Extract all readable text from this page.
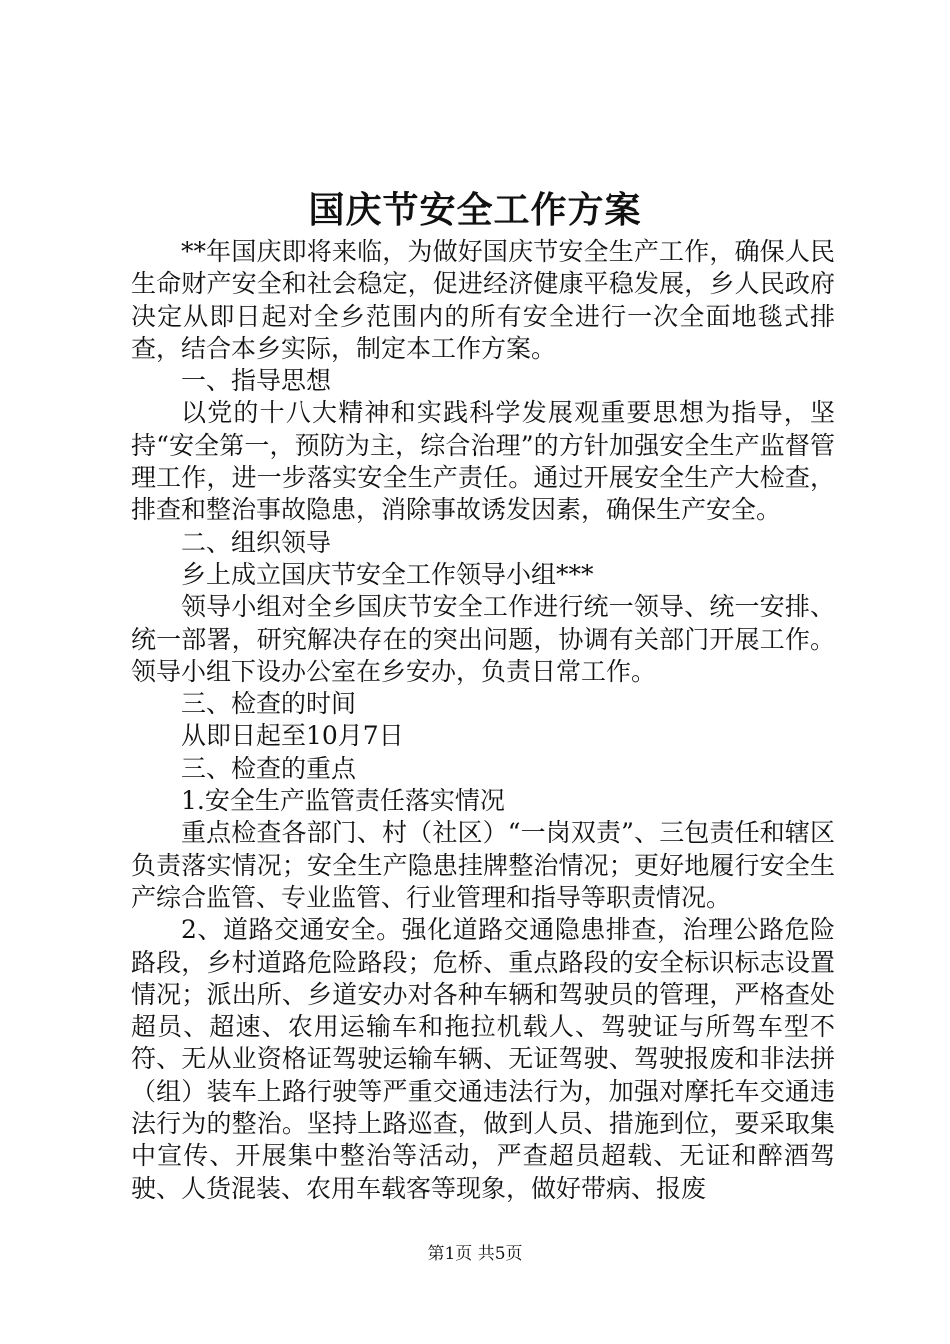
国庆节安全工作方案

**年国庆即将来临，为做好国庆节安全生产工作，确保人民生命财产安全和社会稳定，促进经济健康平稳发展，乡人民政府决定从即日起对全乡范围内的所有安全进行一次全面地毯式排查，结合本乡实际，制定本工作方案。

一、指导思想

以党的十八大精神和实践科学发展观重要思想为指导，坚持“安全第一，预防为主，综合治理”的方针加强安全生产监督管理工作，进一步落实安全生产责任。通过开展安全生产大检查，排查和整治事故隐患，消除事故诱发因素，确保生产安全。

二、组织领导

乡上成立国庆节安全工作领导小组***

领导小组对全乡国庆节安全工作进行统一领导、统一安排、统一部署，研究解决存在的突出问题，协调有关部门开展工作。领导小组下设办公室在乡安办，负责日常工作。

三、检查的时间

从即日起至10月7日

三、检查的重点

1.安全生产监管责任落实情况

重点检查各部门、村（社区）“一岗双责”、三包责任和辖区负责落实情况；安全生产隐患挂牌整治情况；更好地履行安全生产综合监管、专业监管、行业管理和指导等职责情况。

2、道路交通安全。强化道路交通隐患排查，治理公路危险路段，乡村道路危险路段；危桥、重点路段的安全标识标志设置情况；派出所、乡道安办对各种车辆和驾驶员的管理，严格查处超员、超速、农用运输车和拖拉机载人、驾驶证与所驾车型不符、无从业资格证驾驶运输车辆、无证驾驶、驾驶报废和非法拼（组）装车上路行驶等严重交通违法行为，加强对摩托车交通违法行为的整治。坚持上路巡查，做到人员、措施到位，要采取集中宣传、开展集中整治等活动，严查超员超载、无证和醉酒驾驶、人货混装、农用车载客等现象，做好带病、报废

第1页 共5页
